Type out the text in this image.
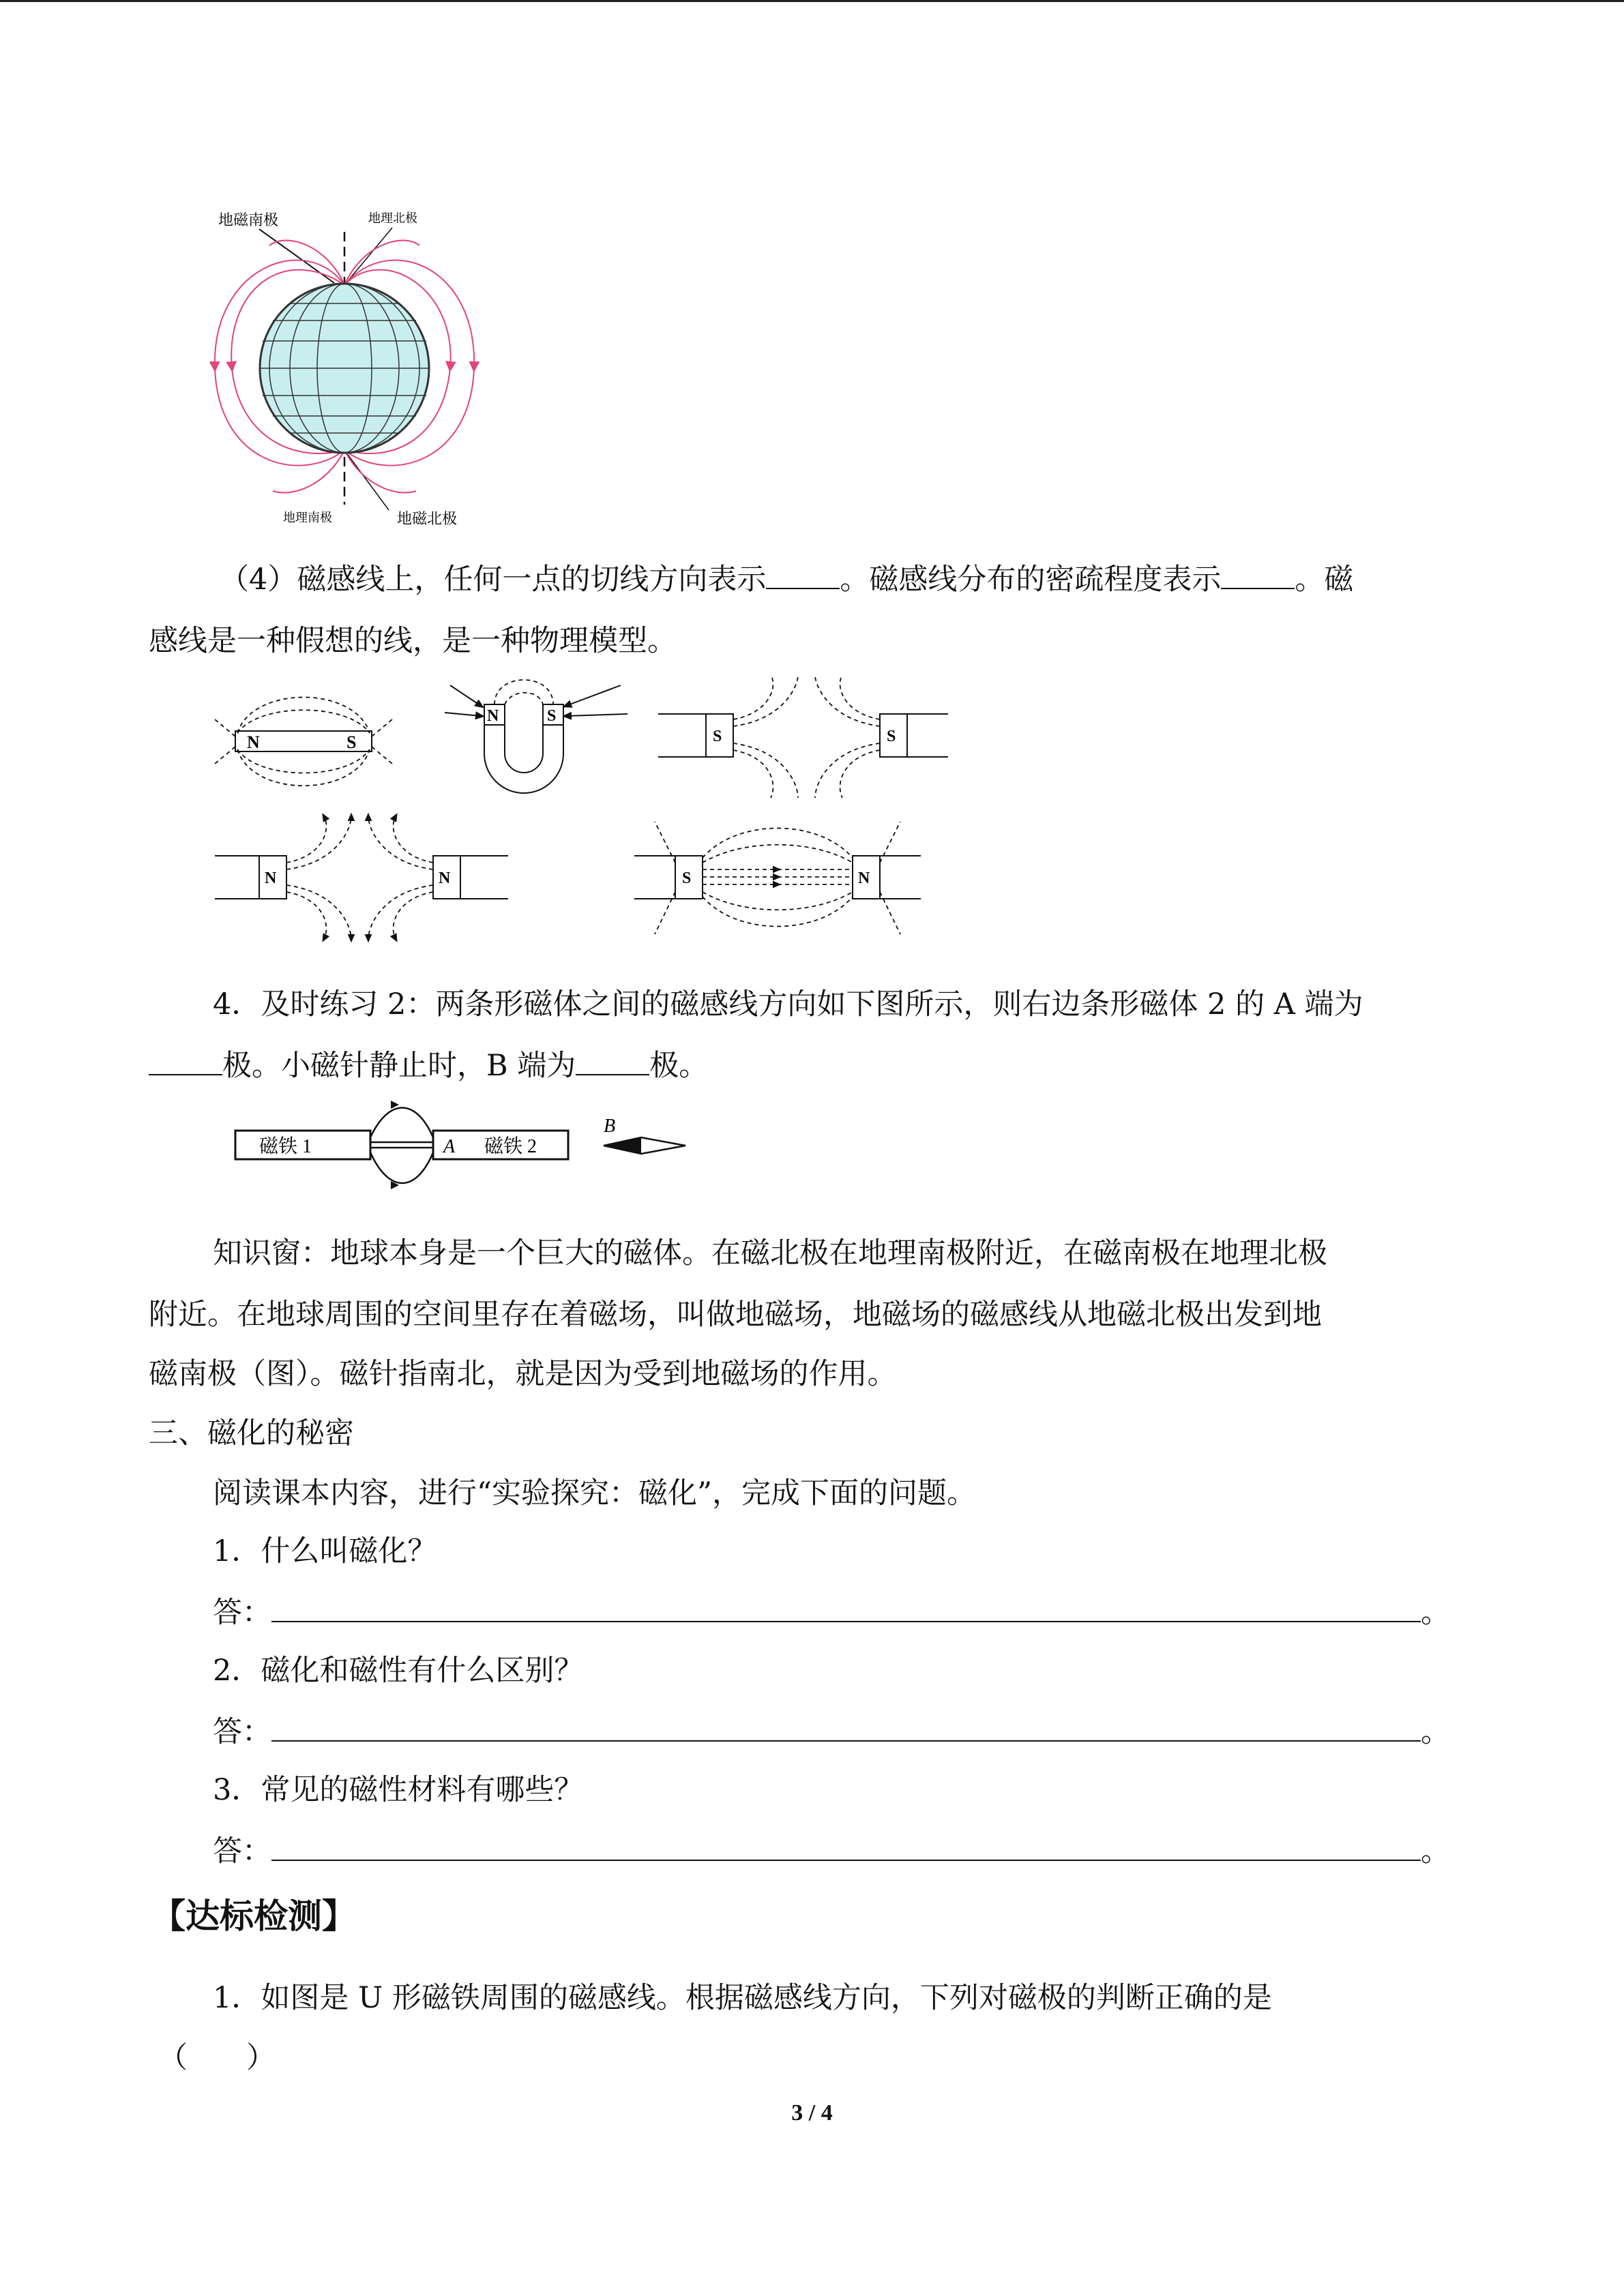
地磁南极	地理北极
地理南极	地磁北极
（4）磁感线上，任何一点的切线方向表示	。磁感线分布的密疏程度表示	。磁
感线是一种假想的线，是一种物理模型。
N	S
N	S
S	S
N	N	S	N
4．及时练习 2：两条形磁体之间的磁感线方向如下图所示，则右边条形磁体 2 的 A 端为
极。小磁针静止时，B 端为	极。
磁铁 1	A 磁铁 2
B
知识窗：地球本身是一个巨大的磁体。在磁北极在地理南极附近，在磁南极在地理北极
附近。在地球周围的空间里存在着磁场，叫做地磁场，地磁场的磁感线从地磁北极出发到地
磁南极（图）。磁针指南北，就是因为受到地磁场的作用。
三、磁化的秘密
阅读课本内容，进行“实验探究：磁化”，完成下面的问题。
1．什么叫磁化？
答：	。
2．磁化和磁性有什么区别？
答：	。
3．常见的磁性材料有哪些？
答：	。
【达标检测】
1．如图是 U 形磁铁周围的磁感线。根据磁感线方向，下列对磁极的判断正确的是
（　　）
3 / 4
